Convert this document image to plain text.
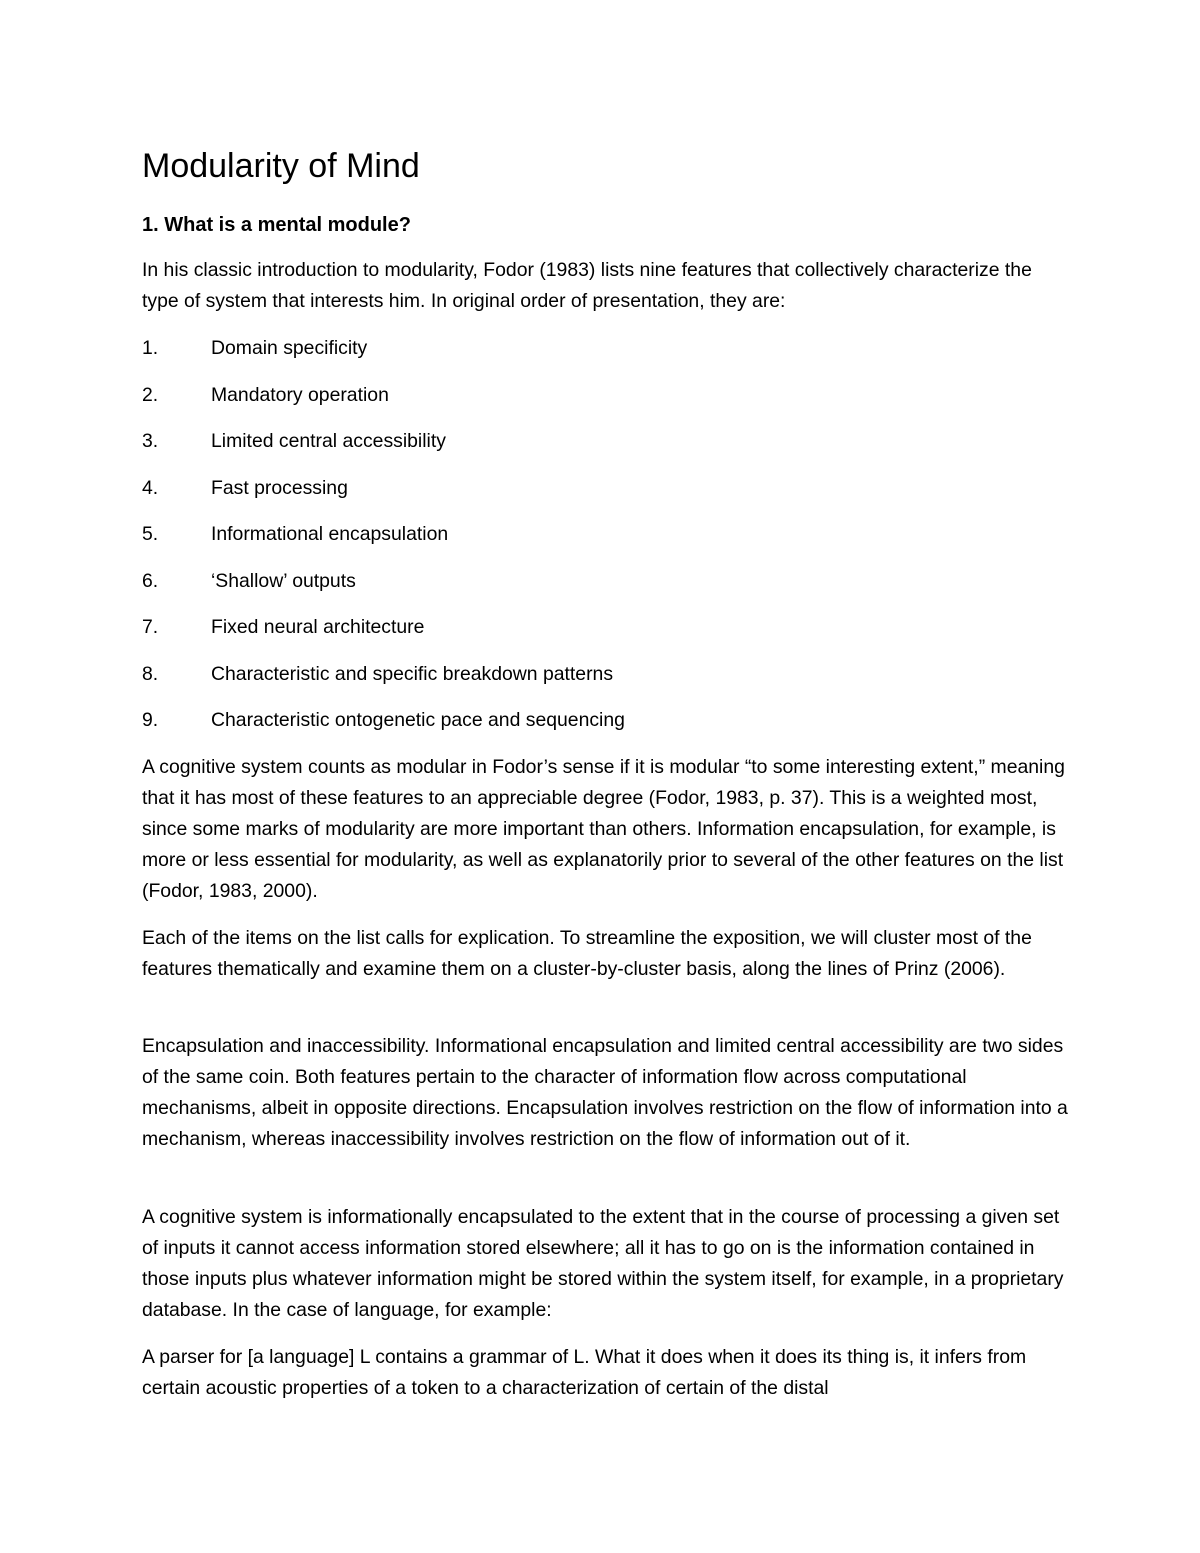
Modularity of Mind
1. What is a mental module?

In his classic introduction to modularity, Fodor (1983) lists nine features that collectively characterize the type of system that interests him. In original order of presentation, they are:

1.	Domain specificity
2.	Mandatory operation
3.	Limited central accessibility
4.	Fast processing
5.	Informational encapsulation
6.	‘Shallow’ outputs
7.	Fixed neural architecture
8.	Characteristic and specific breakdown patterns
9.	Characteristic ontogenetic pace and sequencing

A cognitive system counts as modular in Fodor’s sense if it is modular “to some interesting extent,” meaning that it has most of these features to an appreciable degree (Fodor, 1983, p. 37). This is a weighted most, since some marks of modularity are more important than others. Information encapsulation, for example, is more or less essential for modularity, as well as explanatorily prior to several of the other features on the list (Fodor, 1983, 2000).

Each of the items on the list calls for explication. To streamline the exposition, we will cluster most of the features thematically and examine them on a cluster-by-cluster basis, along the lines of Prinz (2006).

Encapsulation and inaccessibility. Informational encapsulation and limited central accessibility are two sides of the same coin. Both features pertain to the character of information flow across computational mechanisms, albeit in opposite directions. Encapsulation involves restriction on the flow of information into a mechanism, whereas inaccessibility involves restriction on the flow of information out of it.

A cognitive system is informationally encapsulated to the extent that in the course of processing a given set of inputs it cannot access information stored elsewhere; all it has to go on is the information contained in those inputs plus whatever information might be stored within the system itself, for example, in a proprietary database. In the case of language, for example:

A parser for [a language] L contains a grammar of L. What it does when it does its thing is, it infers from certain acoustic properties of a token to a characterization of certain of the distal
